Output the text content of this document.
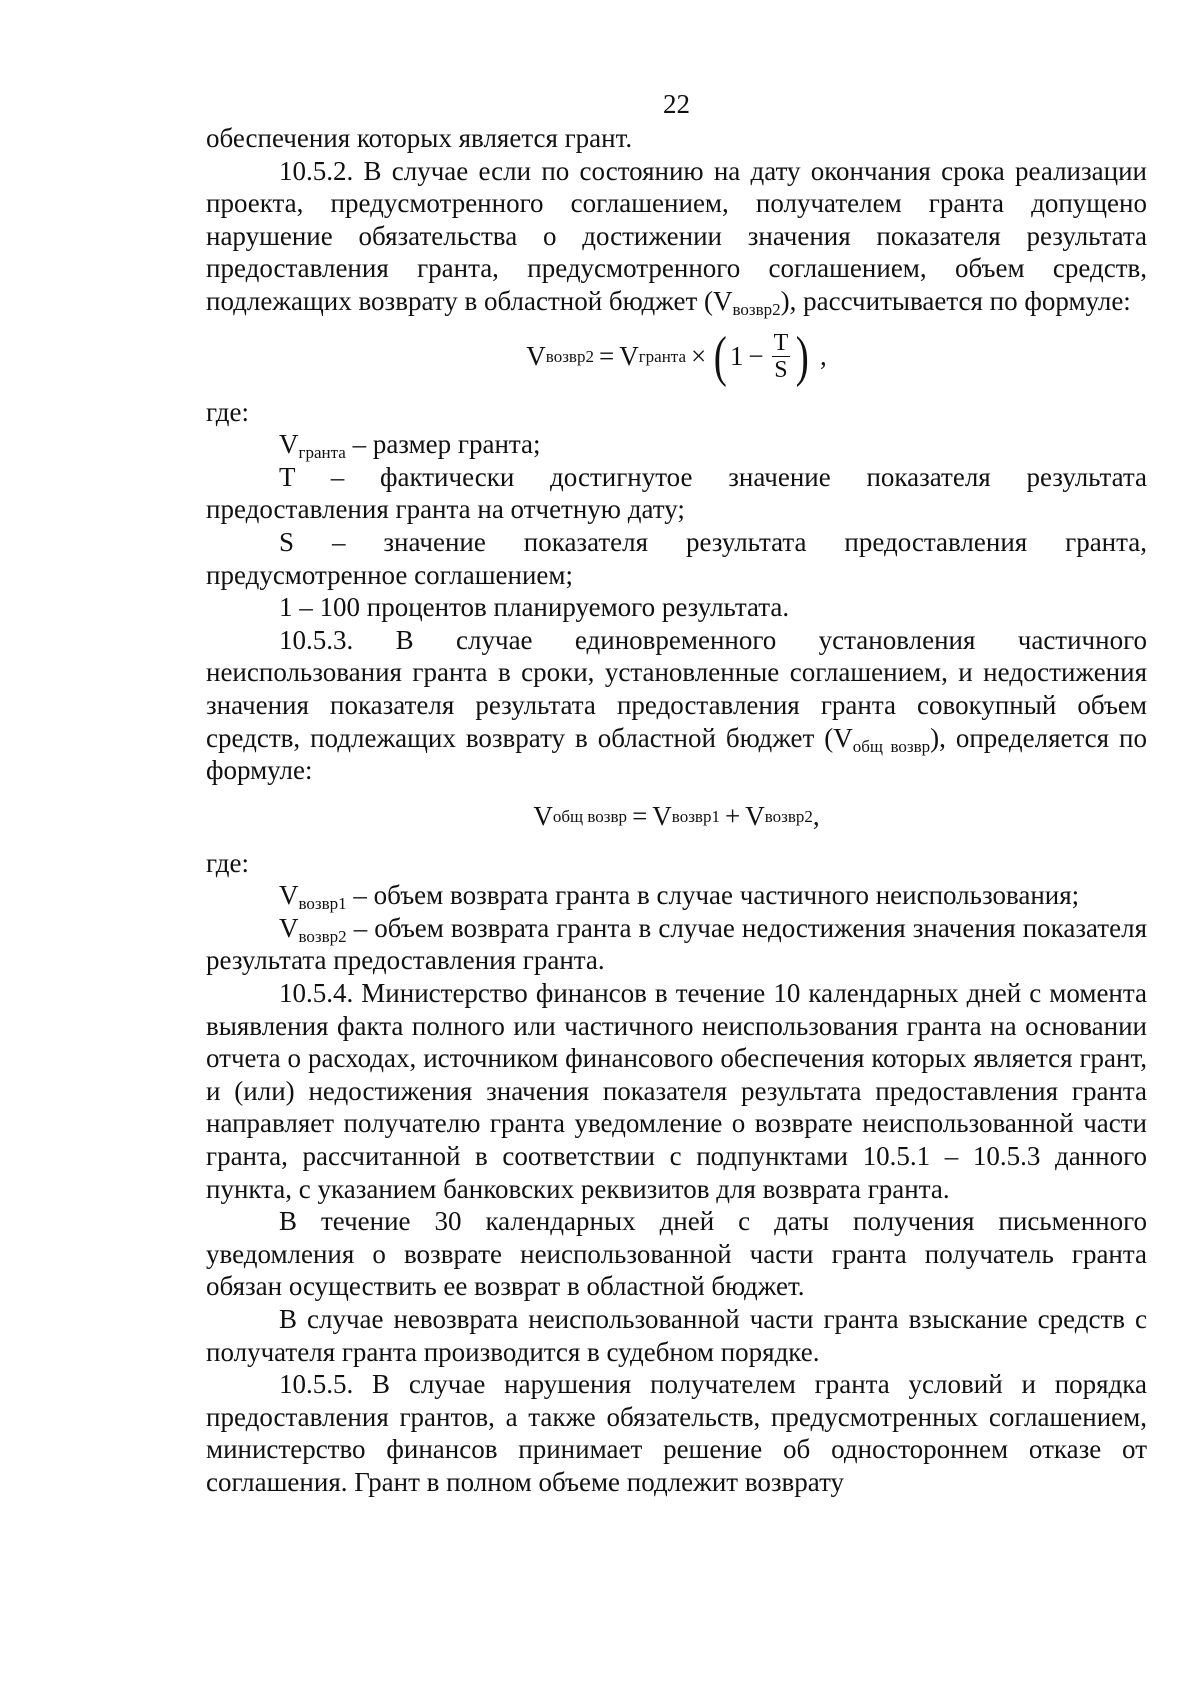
22

обеспечения которых является грант.

10.5.2. В случае если по состоянию на дату окончания срока реализации проекта, предусмотренного соглашением, получателем гранта допущено нарушение обязательства о достижении значения показателя результата предоставления гранта, предусмотренного соглашением, объем средств, подлежащих возврату в областной бюджет $(V_{возвр2})$, рассчитывается по формуле:

V возвр2 = V гранта × ( $1 - \frac{T}{S}$ ) ,

где:

$V_{гранта}$ – размер гранта;

T – фактически достигнутое значение показателя результата предоставления гранта на отчетную дату;

S – значение показателя результата предоставления гранта, предусмотренное соглашением;

1 – 100 процентов планируемого результата.

10.5.3. В случае единовременного установления частичного неиспользования гранта в сроки, установленные соглашением, и недостижения значения показателя результата предоставления гранта совокупный объем средств, подлежащих возврату в областной бюджет $(V_{общ возвр})$, определяется по формуле:

V общ возвр = V возвр1 + V возвр2 ,

где:

$V_{возвр1}$ – объем возврата гранта в случае частичного неиспользования;

$V_{возвр2}$ – объем возврата гранта в случае недостижения значения показателя результата предоставления гранта.

10.5.4. Министерство финансов в течение 10 календарных дней с момента выявления факта полного или частичного неиспользования гранта на основании отчета о расходах, источником финансового обеспечения которых является грант, и (или) недостижения значения показателя результата предоставления гранта направляет получателю гранта уведомление о возврате неиспользованной части гранта, рассчитанной в соответствии с подпунктами 10.5.1 – 10.5.3 данного пункта, с указанием банковских реквизитов для возврата гранта.

В течение 30 календарных дней с даты получения письменного уведомления о возврате неиспользованной части гранта получатель гранта обязан осуществить ее возврат в областной бюджет.

В случае невозврата неиспользованной части гранта взыскание средств с получателя гранта производится в судебном порядке.

10.5.5. В случае нарушения получателем гранта условий и порядка предоставления грантов, а также обязательств, предусмотренных соглашением, министерство финансов принимает решение об одностороннем отказе от соглашения. Грант в полном объеме подлежит возврату
